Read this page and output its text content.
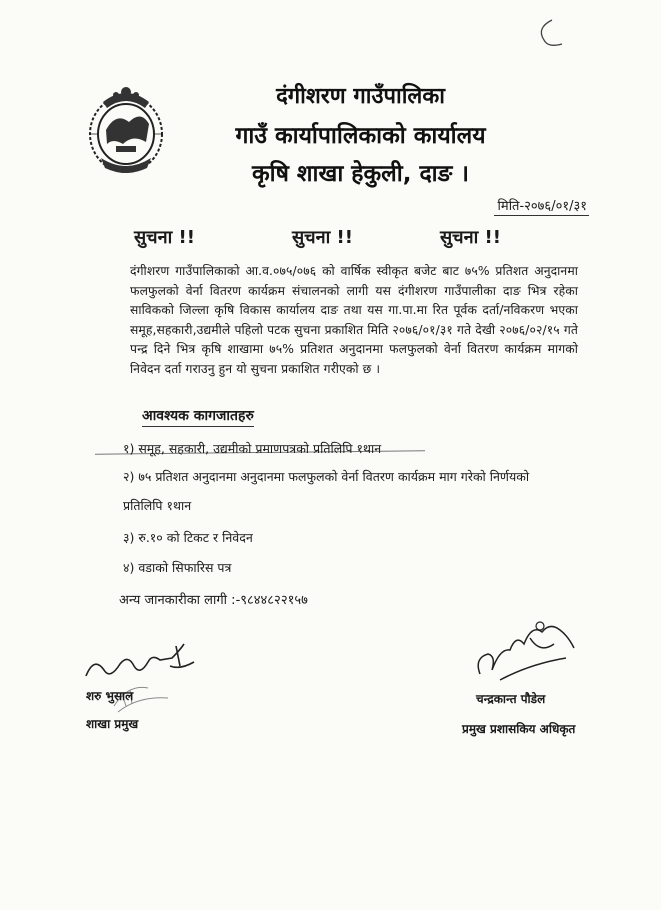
दंगीशरण गाउँपालिका
गाउँ कार्यापालिकाको कार्यालय
कृषि शाखा हेकुली, दाङ ।
मिति-२०७६/०१/३१
सुचना !!	सुचना !!	सुचना !!
दंगीशरण गाउँपालिकाको आ.व.०७५/०७६ को वार्षिक स्वीकृत बजेट बाट ७५% प्रतिशत अनुदानमा फलफुलको वेर्ना वितरण कार्यक्रम संचालनको लागी यस दंगीशरण गाउँपालीका दाङ भित्र रहेका साविकको जिल्ला कृषि विकास कार्यालय दाङ तथा यस गा.पा.मा रित पूर्वक दर्ता/नविकरण भएका समूह,सहकारी,उद्यमीले पहिलो पटक सुचना प्रकाशित मिति २०७६/०१/३१ गते देखी २०७६/०२/१५ गते पन्द्र दिने भित्र कृषि शाखामा ७५% प्रतिशत अनुदानमा फलफुलको वेर्ना वितरण कार्यक्रम मागको निवेदन दर्ता गराउनु हुन यो सुचना प्रकाशित गरीएको छ ।
आवश्यक कागजातहरु
१) समूह, सहकारी, उद्यमीको प्रमाणपत्रको प्रतिलिपि १थान
२) ७५ प्रतिशत अनुदानमा अनुदानमा फलफुलको वेर्ना वितरण कार्यक्रम माग गरेको निर्णयको
प्रतिलिपि १थान
३) रु.१० को टिकट र निवेदन
४) वडाको सिफारिस पत्र
अन्य जानकारीका लागी :-९८४४८२२१५७
शरु भुसाल
शाखा प्रमुख
चन्द्रकान्त पौडेल
प्रमुख प्रशासकिय अधिकृत
